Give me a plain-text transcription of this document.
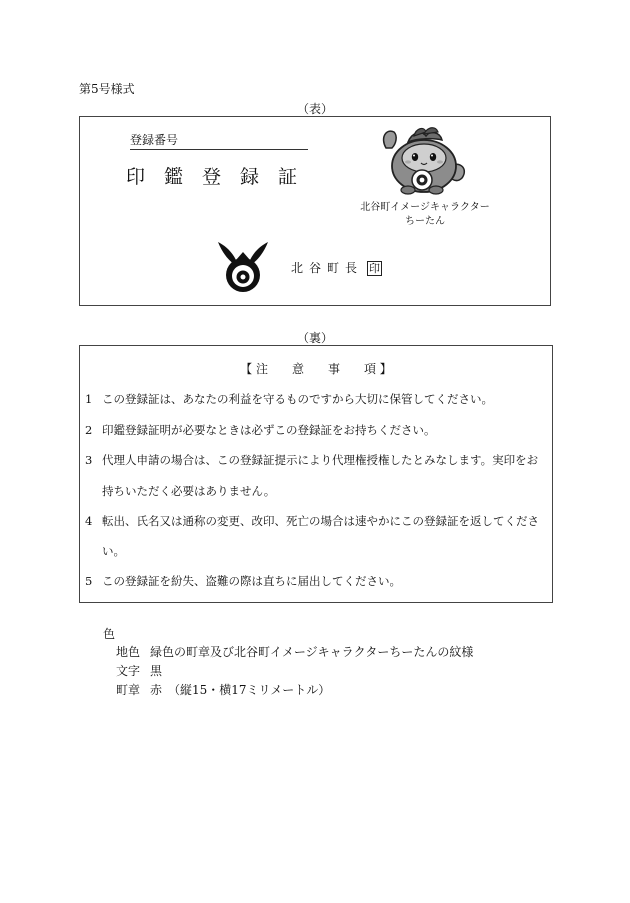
第5号様式
（表）
登録番号
印鑑登録証
北谷町イメージキャラクター
ちーたん
北谷町長 印
（裏）
【 注　　意　　事　　項 】
1 この登録証は、あなたの利益を守るものですから大切に保管してください。
2 印鑑登録証明が必要なときは必ずこの登録証をお持ちください。
3 代理人申請の場合は、この登録証提示により代理権授権したとみなします。実印をお
持ちいただく必要はありません。
4 転出、氏名又は通称の変更、改印、死亡の場合は速やかにこの登録証を返してくださ
い。
5 この登録証を紛失、盗難の際は直ちに届出してください。
色
地色 緑色の町章及び北谷町イメージキャラクターちーたんの紋様
文字 黒
町章 赤　（縦15・横17ミリメートル）
